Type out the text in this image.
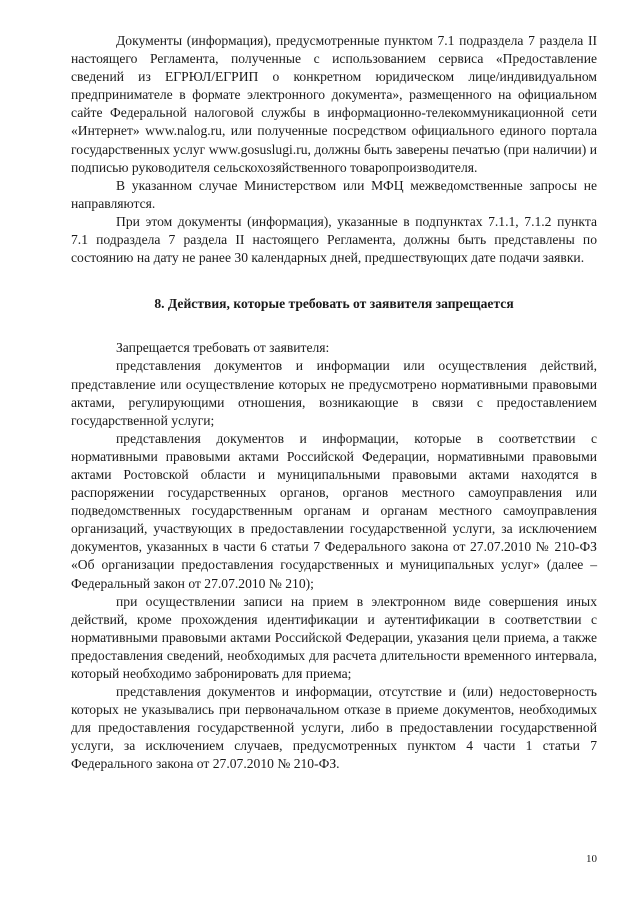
Документы (информация), предусмотренные пунктом 7.1 подраздела 7 раздела II настоящего Регламента, полученные с использованием сервиса «Предоставление сведений из ЕГРЮЛ/ЕГРИП о конкретном юридическом лице/индивидуальном предпринимателе в формате электронного документа», размещенного на официальном сайте Федеральной налоговой службы в информационно-телекоммуникационной сети «Интернет» www.nalog.ru, или полученные посредством официального единого портала государственных услуг www.gosuslugi.ru, должны быть заверены печатью (при наличии) и подписью руководителя сельскохозяйственного товаропроизводителя.

В указанном случае Министерством или МФЦ межведомственные запросы не направляются.

При этом документы (информация), указанные в подпунктах 7.1.1, 7.1.2 пункта 7.1 подраздела 7 раздела II настоящего Регламента, должны быть представлены по состоянию на дату не ранее 30 календарных дней, предшествующих дате подачи заявки.

8. Действия, которые требовать от заявителя запрещается

Запрещается требовать от заявителя:

представления документов и информации или осуществления действий, представление или осуществление которых не предусмотрено нормативными правовыми актами, регулирующими отношения, возникающие в связи с предоставлением государственной услуги;

представления документов и информации, которые в соответствии с нормативными правовыми актами Российской Федерации, нормативными правовыми актами Ростовской области и муниципальными правовыми актами находятся в распоряжении государственных органов, органов местного самоуправления или подведомственных государственным органам и органам местного самоуправления организаций, участвующих в предоставлении государственной услуги, за исключением документов, указанных в части 6 статьи 7 Федерального закона от 27.07.2010 № 210-ФЗ «Об организации предоставления государственных и муниципальных услуг» (далее – Федеральный закон от 27.07.2010 № 210);

при осуществлении записи на прием в электронном виде совершения иных действий, кроме прохождения идентификации и аутентификации в соответствии с нормативными правовыми актами Российской Федерации, указания цели приема, а также предоставления сведений, необходимых для расчета длительности временного интервала, который необходимо забронировать для приема;

представления документов и информации, отсутствие и (или) недостоверность которых не указывались при первоначальном отказе в приеме документов, необходимых для предоставления государственной услуги, либо в предоставлении государственной услуги, за исключением случаев, предусмотренных пунктом 4 части 1 статьи 7 Федерального закона от 27.07.2010 № 210-ФЗ.

10
